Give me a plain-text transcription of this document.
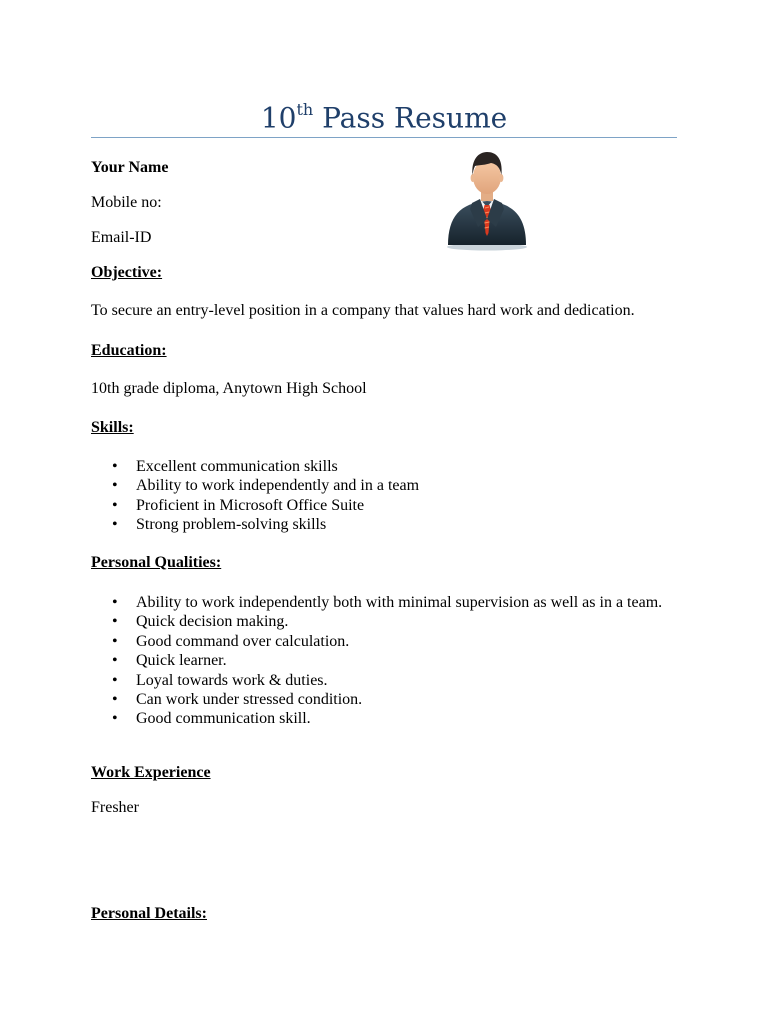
10th Pass Resume
Your Name
Mobile no:
Email-ID
Objective:
To secure an entry-level position in a company that values hard work and dedication.
Education:
10th grade diploma, Anytown High School
Skills:
• Excellent communication skills
• Ability to work independently and in a team
• Proficient in Microsoft Office Suite
• Strong problem-solving skills
Personal Qualities:
• Ability to work independently both with minimal supervision as well as in a team.
• Quick decision making.
• Good command over calculation.
• Quick learner.
• Loyal towards work & duties.
• Can work under stressed condition.
• Good communication skill.
Work Experience
Fresher
Personal Details:
